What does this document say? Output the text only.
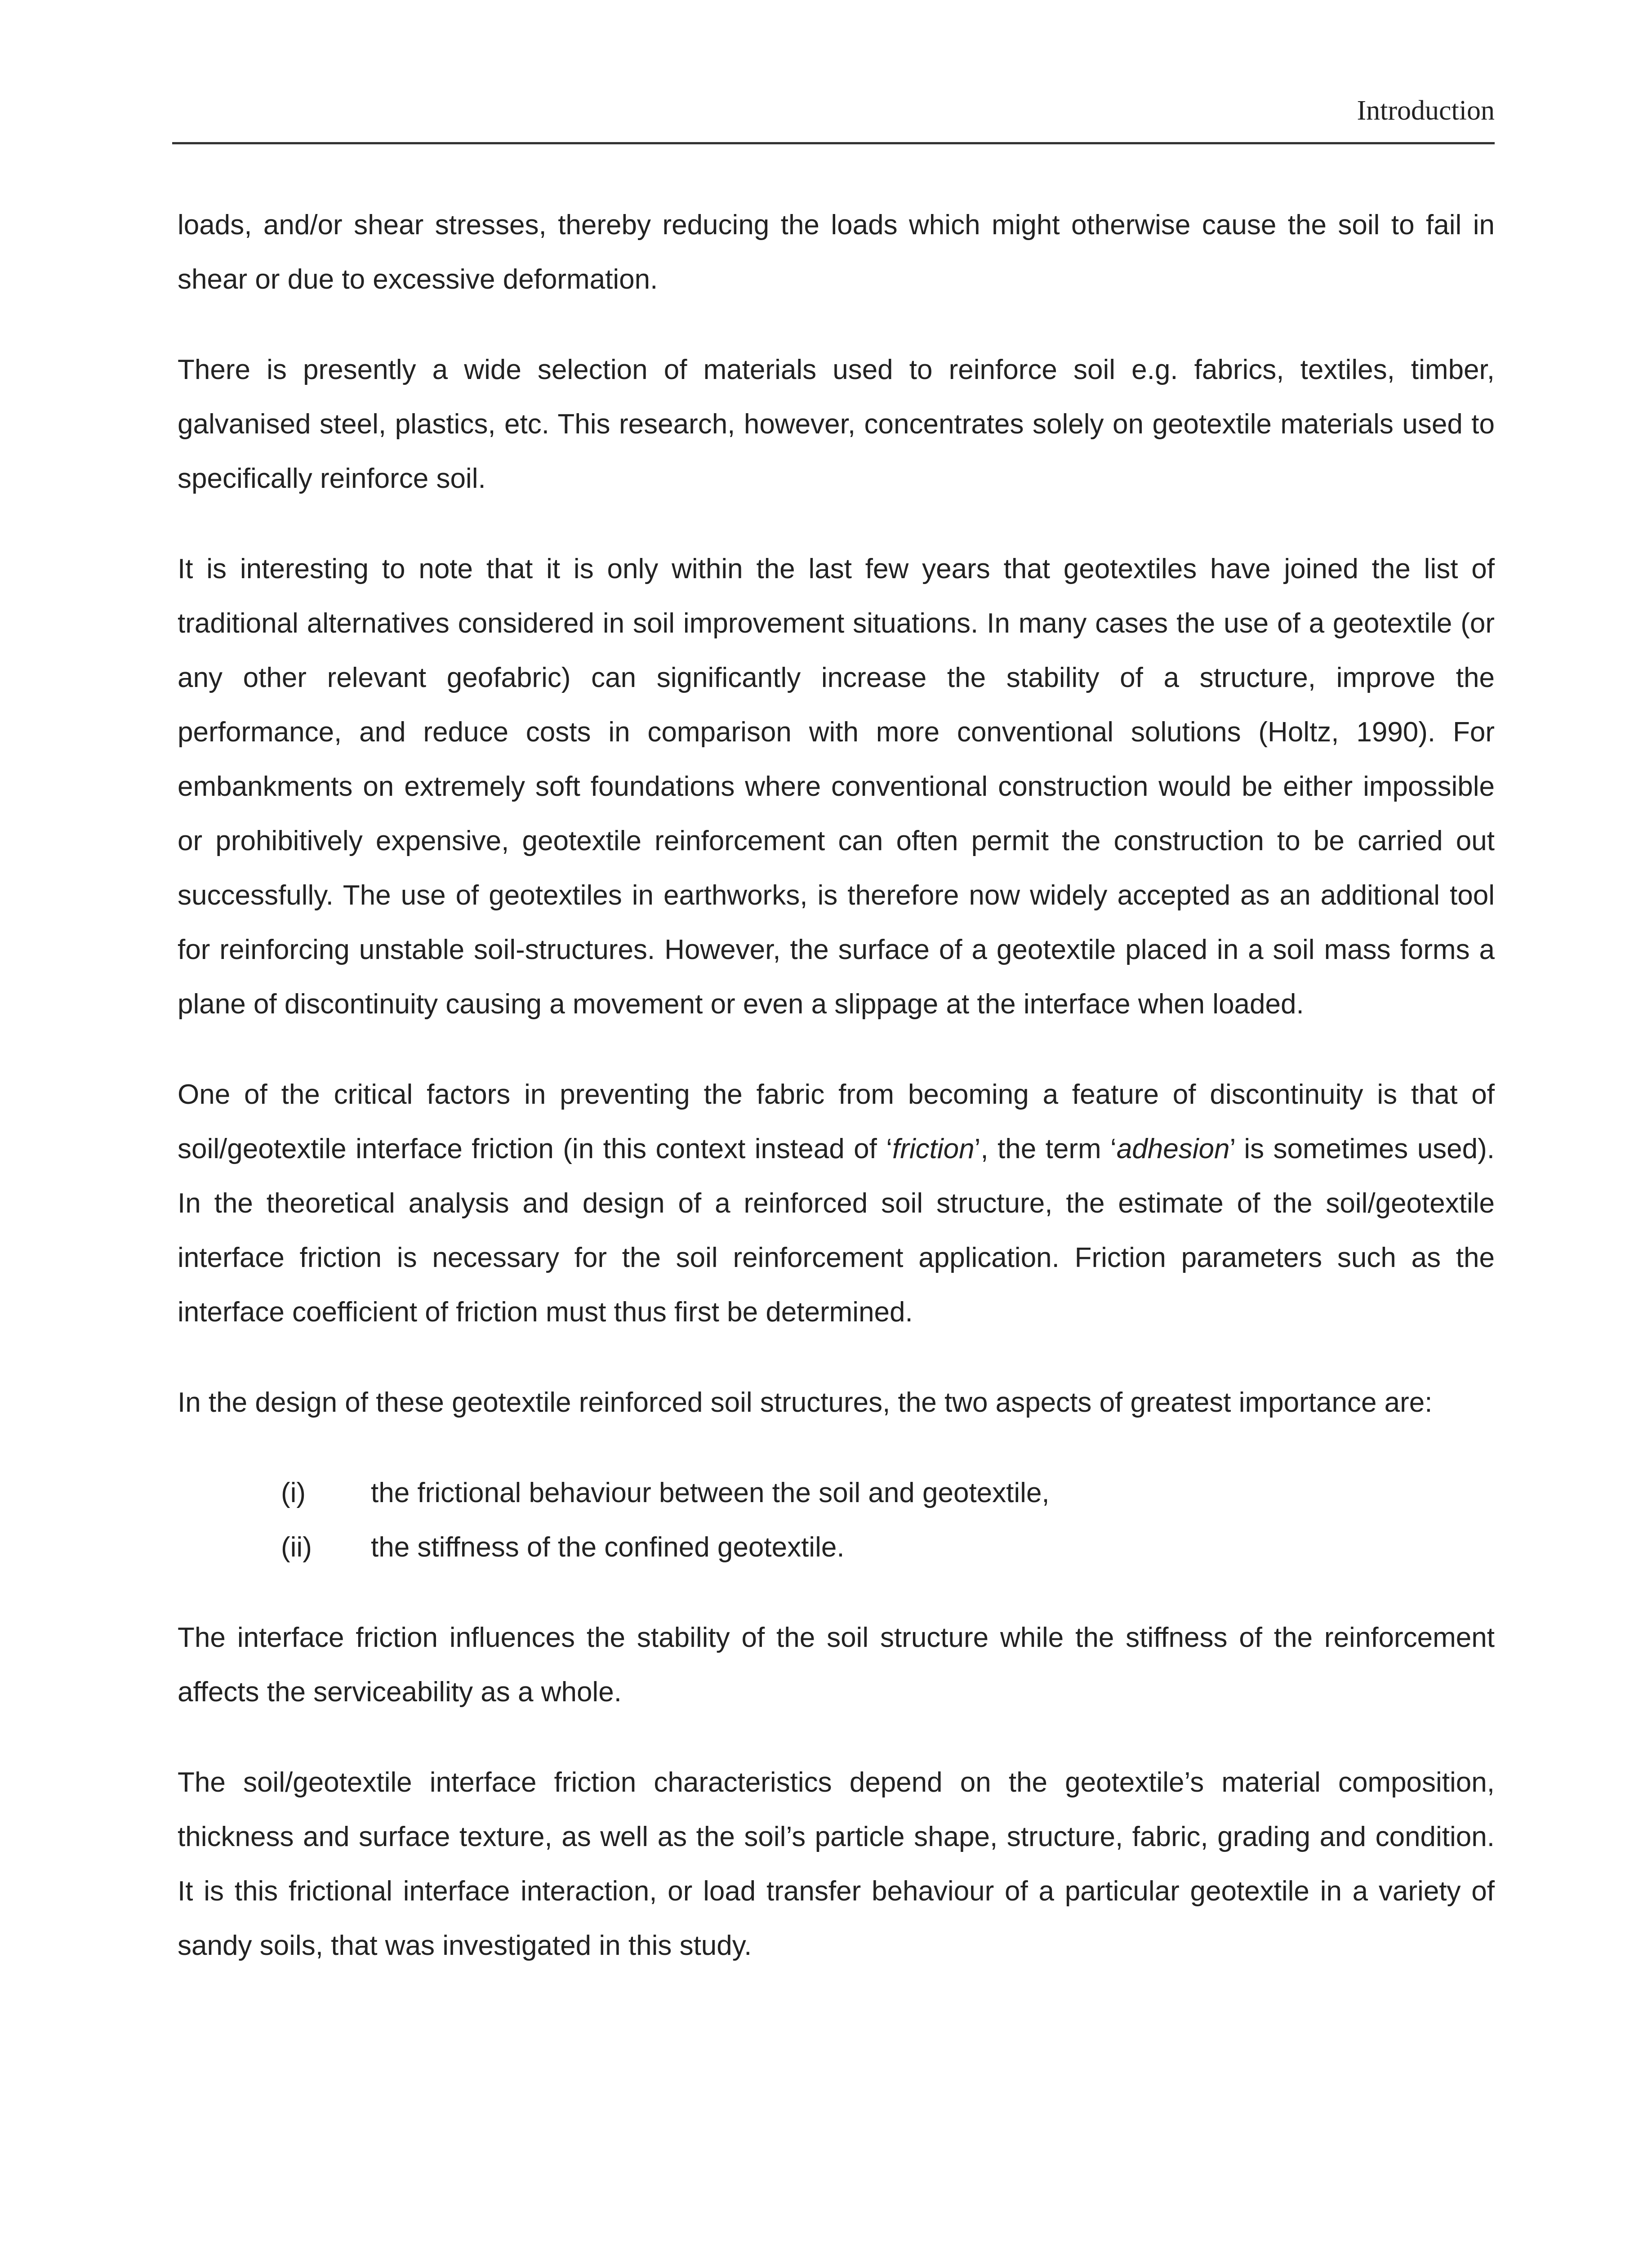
Introduction

loads, and/or shear stresses, thereby reducing the loads which might otherwise cause the soil to fail in shear or due to excessive deformation.

There is presently a wide selection of materials used to reinforce soil e.g. fabrics, textiles, timber, galvanised steel, plastics, etc. This research, however, concentrates solely on geotextile materials used to specifically reinforce soil.

It is interesting to note that it is only within the last few years that geotextiles have joined the list of traditional alternatives considered in soil improvement situations. In many cases the use of a geotextile (or any other relevant geofabric) can significantly increase the stability of a structure, improve the performance, and reduce costs in comparison with more conventional solutions (Holtz, 1990). For embankments on extremely soft foundations where conventional construction would be either impossible or prohibitively expensive, geotextile reinforcement can often permit the construction to be carried out successfully. The use of geotextiles in earthworks, is therefore now widely accepted as an additional tool for reinforcing unstable soil-structures. However, the surface of a geotextile placed in a soil mass forms a plane of discontinuity causing a movement or even a slippage at the interface when loaded.

One of the critical factors in preventing the fabric from becoming a feature of discontinuity is that of soil/geotextile interface friction (in this context instead of ‘friction’, the term ‘adhesion’ is sometimes used). In the theoretical analysis and design of a reinforced soil structure, the estimate of the soil/geotextile interface friction is necessary for the soil reinforcement application. Friction parameters such as the interface coefficient of friction must thus first be determined.

In the design of these geotextile reinforced soil structures, the two aspects of greatest importance are:

(i) the frictional behaviour between the soil and geotextile,
(ii) the stiffness of the confined geotextile.

The interface friction influences the stability of the soil structure while the stiffness of the reinforcement affects the serviceability as a whole.

The soil/geotextile interface friction characteristics depend on the geotextile’s material composition, thickness and surface texture, as well as the soil’s particle shape, structure, fabric, grading and condition. It is this frictional interface interaction, or load transfer behaviour of a particular geotextile in a variety of sandy soils, that was investigated in this study.
